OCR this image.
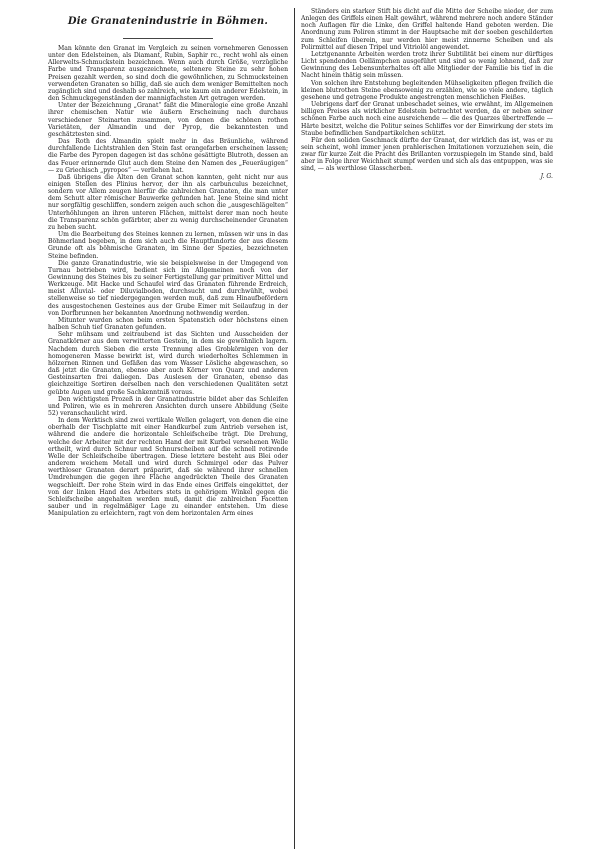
Die Granatenindustrie in Böhmen.

Man könnte den Granat im Vergleich zu seinen vornehmeren Genossen unter den Edelsteinen, als Diamant, Rubin, Saphir rc., recht wohl als einen Allerwelts-Schmuckstein bezeichnen. Wenn auch durch Größe, vorzügliche Farbe und Transparenz ausgezeichnete, seltenere Steine zu sehr hohen Preisen gezahlt werden, so sind doch die gewöhnlichen, zu Schmucksteinen verwendeten Granaten so billig, daß sie auch dem weniger Bemittelten noch zugänglich sind und deshalb so zahlreich, wie kaum ein anderer Edelstein, in den Schmuckgegenständen der mannigfachsten Art getragen werden.

Unter der Bezeichnung „Granat“ faßt die Mineralogie eine große Anzahl ihrer chemischen Natur wie äußern Erscheinung nach durchaus verschiedener Steinarten zusammen, von denen die schönen rothen Varietäten, der Almandin und der Pyrop, die bekanntesten und geschätztesten sind.

Das Roth des Almandin spielt mehr in das Bräunliche, während durchfallende Lichtstrahlen den Stein fast orangefarben erscheinen lassen; die Farbe des Pyropen dagegen ist das schöne gesättigte Blutroth, dessen an das Feuer erinnernde Glut auch dem Steine den Namen des „Feueräugigen“ — zu Griechisch „pyropos“ — verliehen hat.

Daß übrigens die Alten den Granat schon kannten, geht nicht nur aus einigen Stellen des Plinius hervor, der ihn als carbunculus bezeichnet, sondern vor Allem zeugen hierfür die zahlreichen Granaten, die man unter dem Schutt alter römischer Bauwerke gefunden hat. Jene Steine sind nicht nur sorgfältig geschliffen, sondern zeigen auch schon die „ausgeschlägelten“ Unterhöhlungen an ihren unteren Flächen, mittelst derer man noch heute die Transparenz schön gefärbter, aber zu wenig durchscheinender Granaten zu heben sucht.

Um die Bearbeitung des Steines kennen zu lernen, müssen wir uns in das Böhmerland begeben, in dem sich auch die Hauptfundorte der aus diesem Grunde oft als böhmische Granaten, im Sinne der Spezies, bezeichneten Steine befinden.

Die ganze Granatindustrie, wie sie beispielsweise in der Umgegend von Turnau betrieben wird, bedient sich im Allgemeinen noch von der Gewinnung des Steines bis zu seiner Fertigstellung gar primitiver Mittel und Werkzeuge. Mit Hacke und Schaufel wird das Granaten führende Erdreich, meist Alluvial- oder Diluvialboden, durchsucht und durchwühlt, wobei stellenweise so tief niedergegangen werden muß, daß zum Hinaufbefördern des ausgestochenen Gesteines aus der Grube Eimer mit Seilaufzug in der von Dorfbrunnen her bekannten Anordnung nothwendig werden.

Mitunter wurden schon beim ersten Spatenstich oder höchstens einen halben Schuh tief Granaten gefunden.

Sehr mühsam und zeitraubend ist das Sichten und Ausscheiden der Granatkörner aus dem verwitterten Gestein, in dem sie gewöhnlich lagern. Nachdem durch Sieben die erste Trennung alles Grobkörnigen von der homogeneren Masse bewirkt ist, wird durch wiederholtes Schlemmen in hölzernen Rinnen und Gefäßen das vom Wasser Lösliche abgewaschen, so daß jetzt die Granaten, ebenso aber auch Körner von Quarz und anderen Gesteinsarten frei daliegen. Das Auslesen der Granaten, ebenso das gleichzeitige Sortiren derselben nach den verschiedenen Qualitäten setzt geübte Augen und große Sachkenntniß voraus.

Den wichtigsten Prozeß in der Granatindustrie bildet aber das Schleifen und Poliren, wie es in mehreren Ansichten durch unsere Abbildung (Seite 52) veranschaulicht wird.

In dem Werktisch sind zwei vertikale Wellen gelagert, von denen die eine oberhalb der Tischplatte mit einer Handkurbel zum Antrieb versehen ist, während die andere die horizontale Schleifscheibe trägt. Die Drehung, welche der Arbeiter mit der rechten Hand der mit Kurbel versehenen Welle ertheilt, wird durch Schnur und Schnurscheiben auf die schnell rotirende Welle der Schleifscheibe übertragen. Diese letztere besteht aus Blei oder anderem weichem Metall und wird durch Schmirgel oder das Pulver werthloser Granaten derart präparirt, daß sie während ihrer schnellen Umdrehungen die gegen ihre Fläche angedrückten Theile des Granaten wegschleift. Der rohe Stein wird in das Ende eines Griffels eingekittet, der von der linken Hand des Arbeiters stets in gehörigem Winkel gegen die Schleifscheibe angehalten werden muß, damit die zahlreichen Facetten sauber und in regelmäßiger Lage zu einander entstehen. Um diese Manipulation zu erleichtern, ragt von dem horizontalen Arm eines

Ständers ein starker Stift bis dicht auf die Mitte der Scheibe nieder, der zum Anlegen des Griffels einen Halt gewährt, während mehrere noch andere Ständer noch Auflagen für die Linke, den Griffel haltende Hand geboten werden. Die Anordnung zum Poliren stimmt in der Hauptsache mit der soeben geschilderten zum Schleifen überein, nur werden hier meist zinnerne Scheiben und als Polirmittel auf diesen Tripel und Vitriolöl angewendet.

Letztgenannte Arbeiten werden trotz ihrer Subtilität bei einem nur dürftiges Licht spendenden Oellämpchen ausgeführt und sind so wenig lohnend, daß zur Gewinnung des Lebensunterhaltes oft alle Mitglieder der Familie bis tief in die Nacht hinein thätig sein müssen.

Von solchen ihre Entstehung begleitenden Mühseligkeiten pflegen freilich die kleinen blutrothen Steine ebensowenig zu erzählen, wie so viele andere, täglich gesehene und getragene Produkte angestrengten menschlichen Fleißes.

Uebrigens darf der Granat unbeschadet seines, wie erwähnt, im Allgemeinen billigen Preises als wirklicher Edelstein betrachtet werden, da er neben seiner schönen Farbe auch noch eine ausreichende — die des Quarzes übertreffende — Härte besitzt, welche die Politur seines Schliffes vor der Einwirkung der stets im Staube befindlichen Sandpartikelchen schützt.

Für den soliden Geschmack dürfte der Granat, der wirklich das ist, was er zu sein scheint, wohl immer jenen prahlerischen Imitationen vorzuziehen sein, die zwar für kurze Zeit die Pracht des Brillanten vorzuspiegeln im Stande sind, bald aber in Folge ihrer Weichheit stumpf werden und sich als das entpuppen, was sie sind, — als werthlose Glasscherben.

J. G.
